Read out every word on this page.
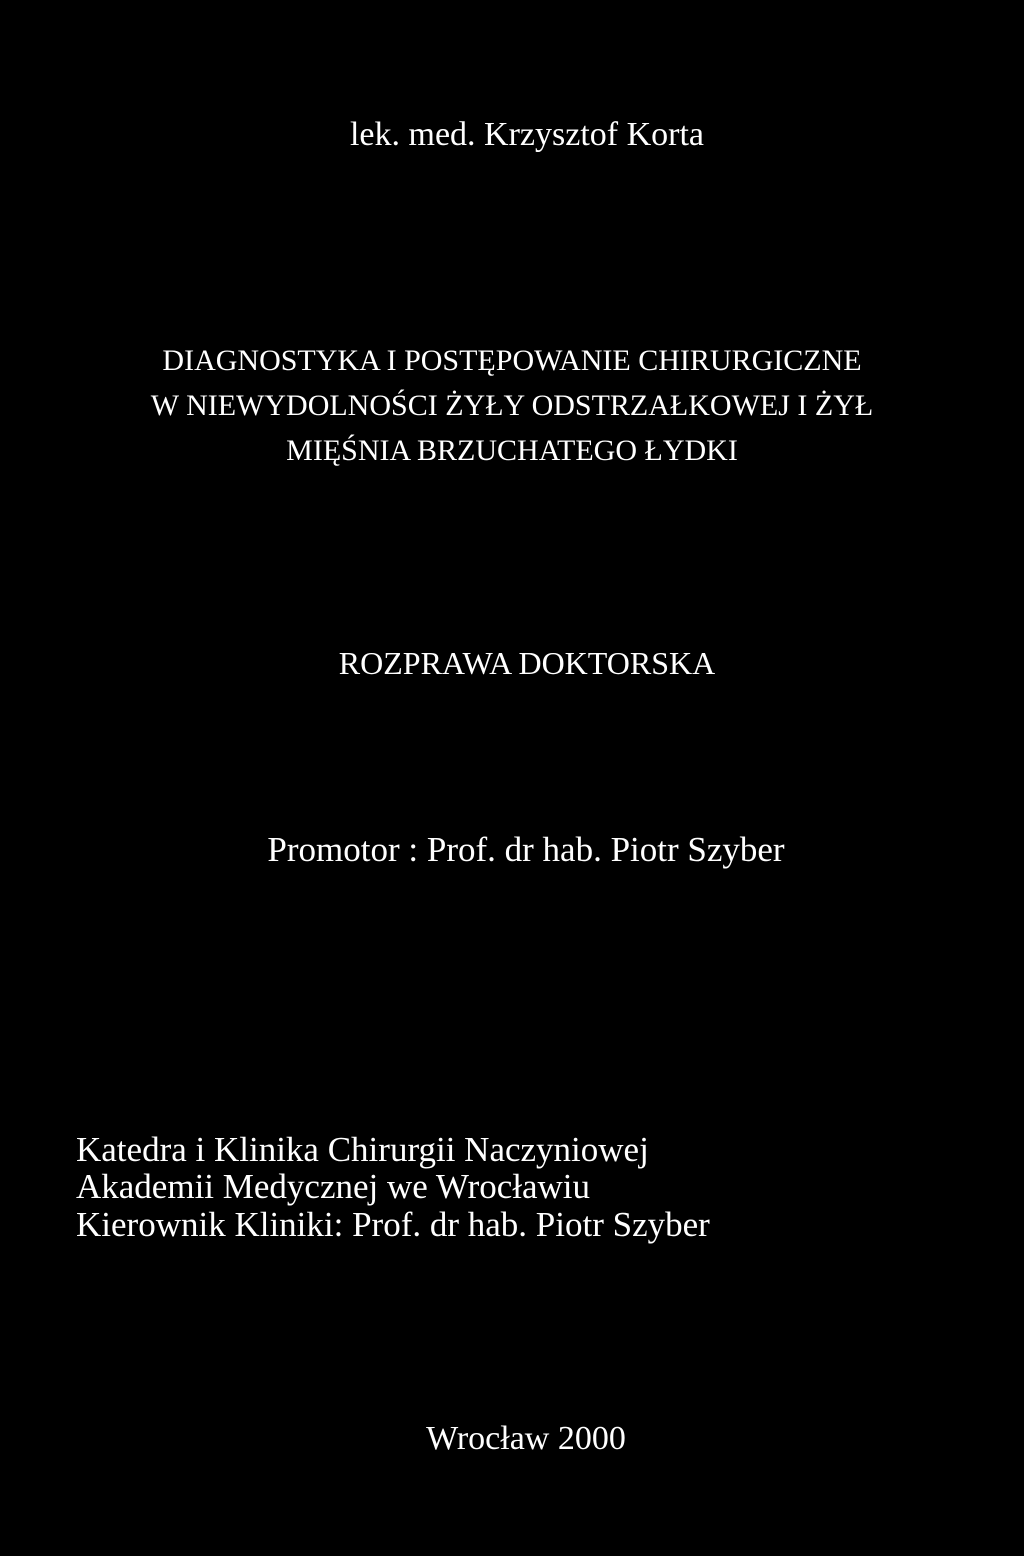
lek. med. Krzysztof Korta
DIAGNOSTYKA I POSTĘPOWANIE CHIRURGICZNE
W NIEWYDOLNOŚCI ŻYŁY ODSTRZAŁKOWEJ I ŻYŁ
MIĘŚNIA BRZUCHATEGO ŁYDKI
ROZPRAWA DOKTORSKA
Promotor : Prof. dr hab. Piotr Szyber
Katedra i Klinika Chirurgii Naczyniowej
Akademii Medycznej we Wrocławiu
Kierownik Kliniki: Prof. dr hab. Piotr Szyber
Wrocław 2000
